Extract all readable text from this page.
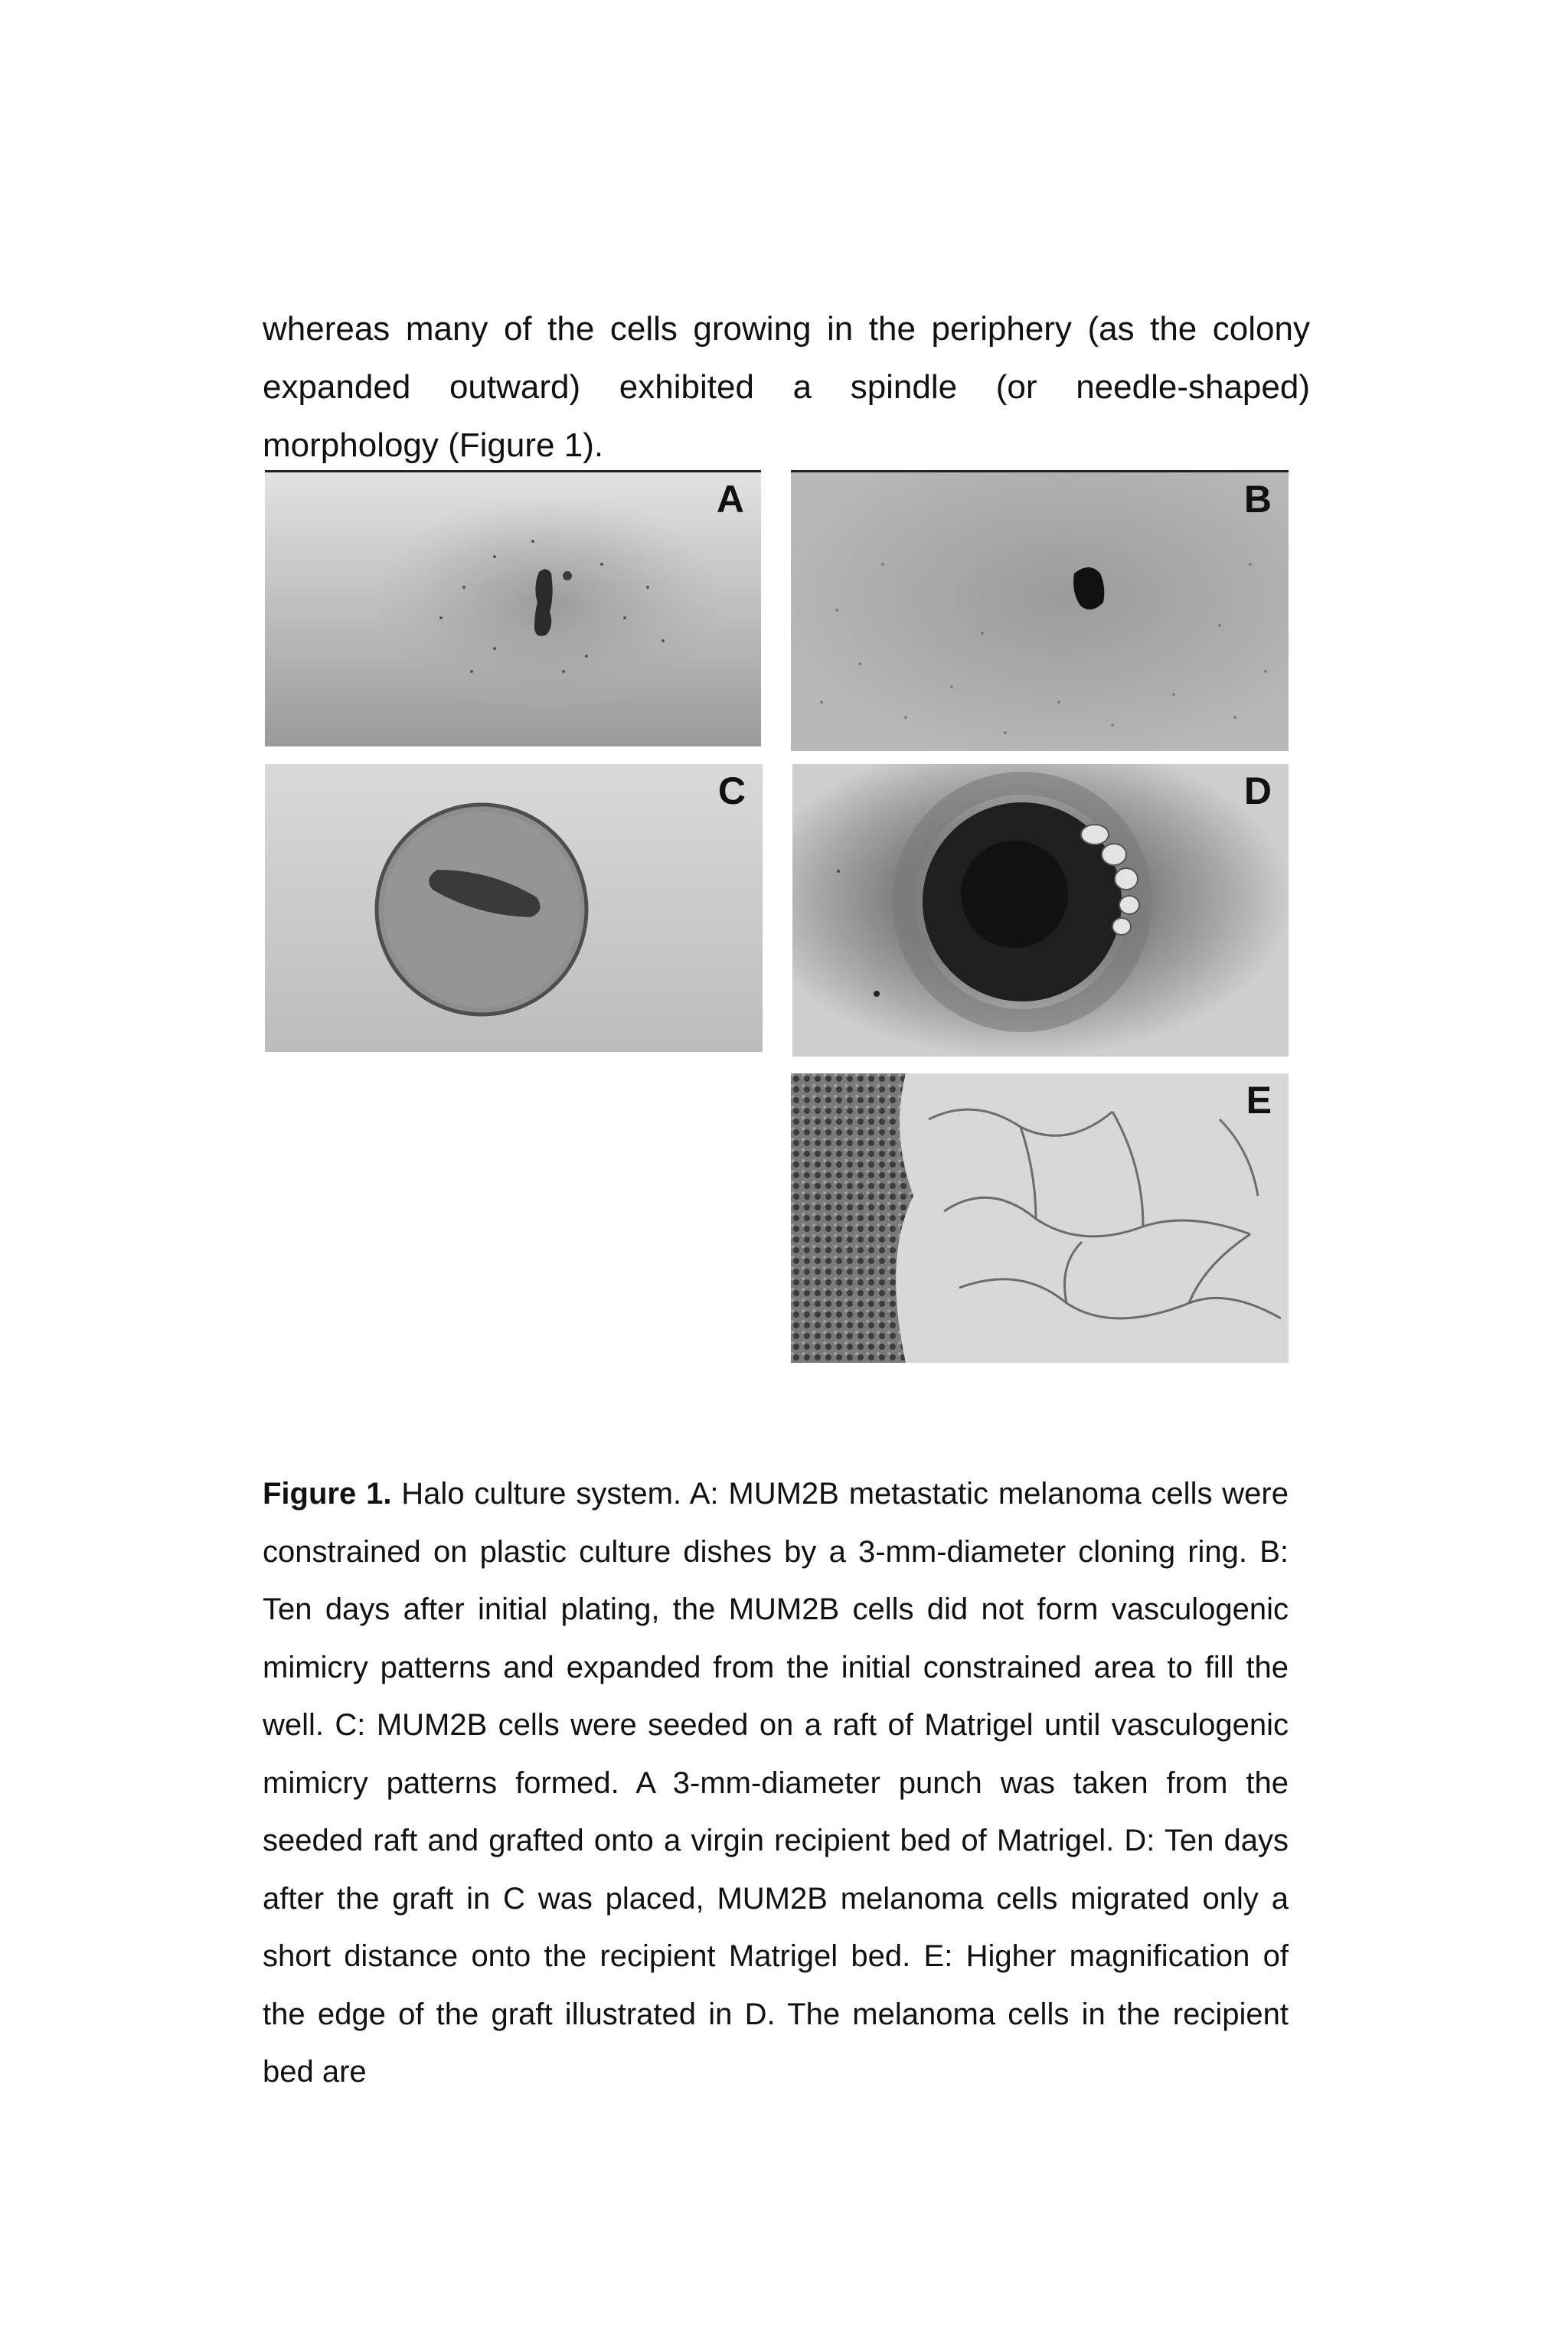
whereas many of the cells growing in the periphery (as the colony expanded outward) exhibited a spindle (or needle-shaped) morphology (Figure 1).

A	B
C	D
E

Figure 1. Halo culture system. A: MUM2B metastatic melanoma cells were constrained on plastic culture dishes by a 3-mm-diameter cloning ring. B: Ten days after initial plating, the MUM2B cells did not form vasculogenic mimicry patterns and expanded from the initial constrained area to fill the well. C: MUM2B cells were seeded on a raft of Matrigel until vasculogenic mimicry patterns formed. A 3-mm-diameter punch was taken from the seeded raft and grafted onto a virgin recipient bed of Matrigel. D: Ten days after the graft in C was placed, MUM2B melanoma cells migrated only a short distance onto the recipient Matrigel bed. E: Higher magnification of the edge of the graft illustrated in D. The melanoma cells in the recipient bed are
